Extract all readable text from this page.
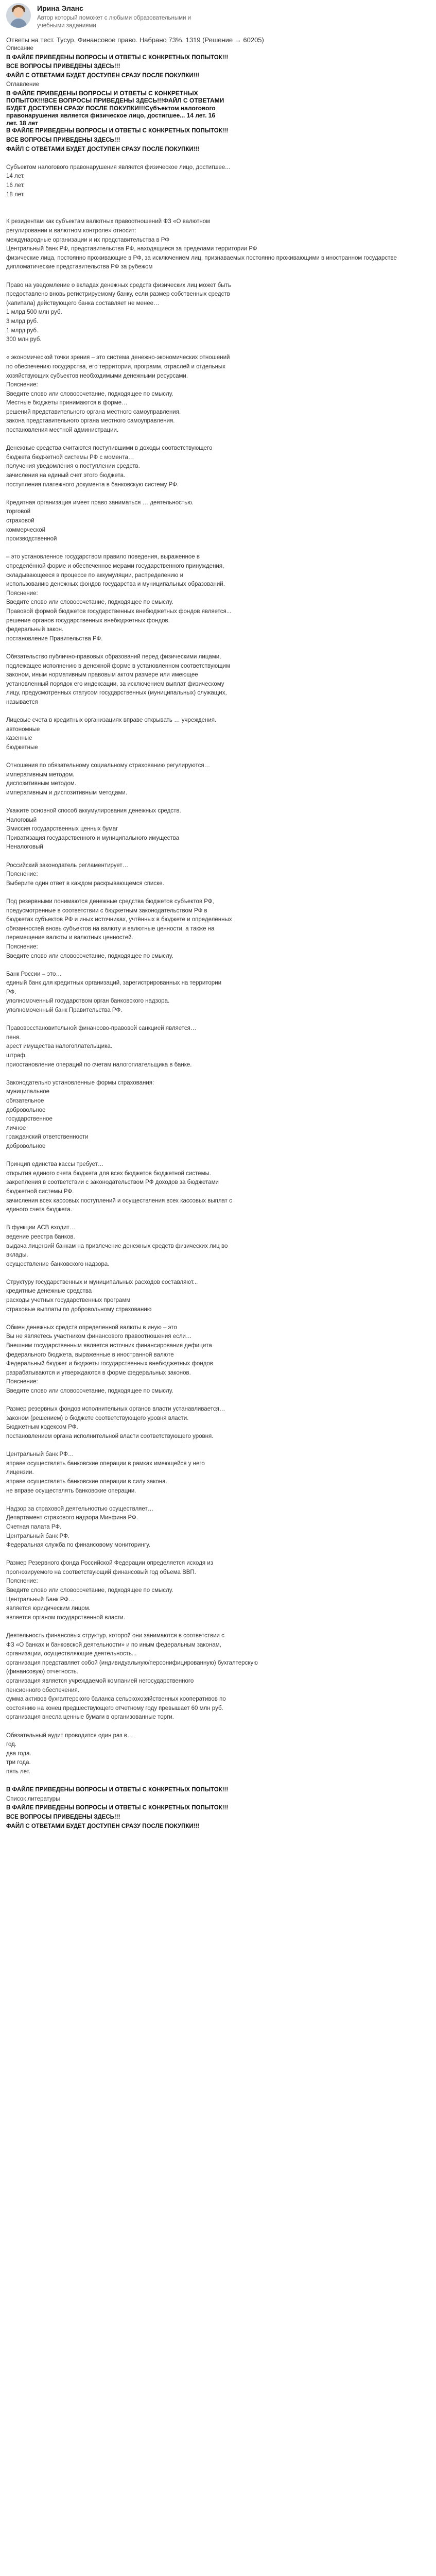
Ирина Эланс
Автор который поможет с любыми образовательными и учебными заданиями
Ответы на тест. Тусур. Финансовое право. Набрано 73%. 1319 (Решение → 60205)
Описание
В ФАЙЛЕ ПРИВЕДЕНЫ ВОПРОСЫ И ОТВЕТЫ С КОНКРЕТНЫХ ПОПЫТОК!!!
ВСЕ ВОПРОСЫ ПРИВЕДЕНЫ ЗДЕСЬ!!!
ФАЙЛ С ОТВЕТАМИ БУДЕТ ДОСТУПЕН СРАЗУ ПОСЛЕ ПОКУПКИ!!!
Оглавление
В ФАЙЛЕ ПРИВЕДЕНЫ ВОПРОСЫ И ОТВЕТЫ С КОНКРЕТНЫХ ПОПЫТОК!!!ВСЕ ВОПРОСЫ ПРИВЕДЕНЫ ЗДЕСЬ!!!ФАЙЛ С ОТВЕТАМИ БУДЕТ ДОСТУПЕН СРАЗУ ПОСЛЕ ПОКУПКИ!!!Субъектом налогового правонарушения является физическое лицо, достигшее... 14 лет. 16 лет. 18 лет
В ФАЙЛЕ ПРИВЕДЕНЫ ВОПРОСЫ И ОТВЕТЫ С КОНКРЕТНЫХ ПОПЫТОК!!!
ВСЕ ВОПРОСЫ ПРИВЕДЕНЫ ЗДЕСЬ!!!
ФАЙЛ С ОТВЕТАМИ БУДЕТ ДОСТУПЕН СРАЗУ ПОСЛЕ ПОКУПКИ!!!
Субъектом налогового правонарушения является физическое лицо, достигшее...
14 лет.
16 лет.
18 лет.
К резидентам как субъектам валютных правоотношений ФЗ «О валютном
регулировании и валютном контроле» относит:
международные организации и их представительства в РФ
Центральный банк РФ, представительства РФ, находящиеся за пределами территории РФ
физические лица, постоянно проживающие в РФ, за исключением лиц, признаваемых постоянно проживающими в иностранном государстве
дипломатические представительства РФ за рубежом
Право на уведомление о вкладах денежных средств физических лиц может быть
предоставлено вновь регистрируемому банку, если размер собственных средств
(капитала) действующего банка составляет не менее…
1 млрд 500 млн руб.
3 млрд руб.
1 млрд руб.
300 млн руб.
« экономической точки зрения – это система денежно-экономических отношений
по обеспечению государства, его территории, программ, отраслей и отдельных
хозяйствующих субъектов необходимыми денежными ресурсами.
Пояснение:
Введите слово или словосочетание, подходящее по смыслу.
Местные бюджеты принимаются в форме…
решений представительного органа местного самоуправления.
закона представительного органа местного самоуправления.
постановления местной администрации.
Денежные средства считаются поступившими в доходы соответствующего
бюджета бюджетной системы РФ с момента…
получения уведомления о поступлении средств.
зачисления на единый счет этого бюджета.
поступления платежного документа в банковскую систему РФ.
Кредитная организация имеет право заниматься … деятельностью.
торговой
страховой
коммерческой
производственной
– это установленное государством правило поведения, выраженное в
определённой форме и обеспеченное мерами государственного принуждения,
складывающееся в процессе по аккумуляции, распределению и
использованию денежных фондов государства и муниципальных образований.
Пояснение:
Введите слово или словосочетание, подходящее по смыслу.
Правовой формой бюджетов государственных внебюджетных фондов является...
решение органов государственных внебюджетных фондов.
федеральный закон.
постановление Правительства РФ.
Обязательство публично-правовых образований перед физическими лицами,
подлежащее исполнению в денежной форме в установленном соответствующим
законом, иным нормативным правовым актом размере или имеющее
установленный порядок его индексации, за исключением выплат физическому
лицу, предусмотренных статусом государственных (муниципальных) служащих,
называется
Лицевые счета в кредитных организациях вправе открывать … учреждения.
автономные
казенные
бюджетные
Отношения по обязательному социальному страхованию регулируются…
императивным методом.
диспозитивным методом.
императивным и диспозитивным методами.
Укажите основной способ аккумулирования денежных средств.
Налоговый
Эмиссия государственных ценных бумаг
Приватизация государственного и муниципального имущества
Неналоговый
Российский законодатель регламентирует…
Пояснение:
Выберите один ответ в каждом раскрывающемся списке.
Под резервными понимаются денежные средства бюджетов субъектов РФ,
предусмотренные в соответствии с бюджетным законодательством РФ в
бюджетах субъектов РФ и иных источниках, учтённых в бюджете и определённых
обязанностей вновь субъектов на валюту и валютные ценности, а также на
перемещение валюты и валютных ценностей.
Пояснение:
Введите слово или словосочетание, подходящее по смыслу.
Банк России – это…
единый банк для кредитных организаций, зарегистрированных на территории
РФ.
уполномоченный государством орган банковского надзора.
уполномоченный банк Правительства РФ.
Правовосстановительной финансово-правовой санкцией является…
пеня.
арест имущества налогоплательщика.
штраф.
приостановление операций по счетам налогоплательщика в банке.
Законодательно установленные формы страхования:
муниципальное
обязательное
добровольное
государственное
личное
гражданский ответственности
добровольное
Принцип единства кассы требует…
открытия единого счета бюджета для всех бюджетов бюджетной системы.
закрепления в соответствии с законодательством РФ доходов за бюджетами
бюджетной системы РФ.
зачисления всех кассовых поступлений и осуществления всех кассовых выплат с
единого счета бюджета.
В функции АСВ входит…
ведение реестра банков.
выдача лицензий банкам на привлечение денежных средств физических лиц во
вклады.
осуществление банковского надзора.
Структуру государственных и муниципальных расходов составляют...
кредитные денежные средства
расходы учетных государственных программ
страховые выплаты по добровольному страхованию
Обмен денежных средств определенной валюты в иную – это
Вы не являетесь участником финансового правоотношения если…
Внешним государственным является источник финансирования дефицита
федерального бюджета, выраженные в иностранной валюте
Федеральный бюджет и бюджеты государственных внебюджетных фондов
разрабатываются и утверждаются в форме федеральных законов.
Пояснение:
Введите слово или словосочетание, подходящее по смыслу.
Размер резервных фондов исполнительных органов власти устанавливается…
законом (решением) о бюджете соответствующего уровня власти.
Бюджетным кодексом РФ.
постановлением органа исполнительной власти соответствующего уровня.
Центральный банк РФ…
вправе осуществлять банковские операции в рамках имеющейся у него
лицензии.
вправе осуществлять банковские операции в силу закона.
не вправе осуществлять банковские операции.
Надзор за страховой деятельностью осуществляет…
Департамент страхового надзора Минфина РФ.
Счетная палата РФ.
Центральный банк РФ.
Федеральная служба по финансовому мониторингу.
Размер Резервного фонда Российской Федерации определяется исходя из
прогнозируемого на соответствующий финансовый год объема ВВП.
Пояснение:
Введите слово или словосочетание, подходящее по смыслу.
Центральный Банк РФ…
является юридическим лицом.
является органом государственной власти.
Деятельность финансовых структур, которой они занимаются в соответствии с
ФЗ «О банках и банковской деятельности» и по иным федеральным законам,
организации, осуществляющие деятельность...
организация представляет собой (индивидуальную/персонифицированную) бухгалтерскую
(финансовую) отчетность.
организация является учреждаемой компанией негосударственного
пенсионного обеспечения.
сумма активов бухгалтерского баланса сельскохозяйственных кооперативов по
состоянию на конец предшествующего отчетному году превышает 60 млн руб.
организация внесла ценные бумаги в организованные торги.
Обязательный аудит проводится один раз в…
год.
два года.
три года.
пять лет.
В ФАЙЛЕ ПРИВЕДЕНЫ ВОПРОСЫ И ОТВЕТЫ С КОНКРЕТНЫХ ПОПЫТОК!!!
Список литературы
В ФАЙЛЕ ПРИВЕДЕНЫ ВОПРОСЫ И ОТВЕТЫ С КОНКРЕТНЫХ ПОПЫТОК!!!
ВСЕ ВОПРОСЫ ПРИВЕДЕНЫ ЗДЕСЬ!!!
ФАЙЛ С ОТВЕТАМИ БУДЕТ ДОСТУПЕН СРАЗУ ПОСЛЕ ПОКУПКИ!!!
